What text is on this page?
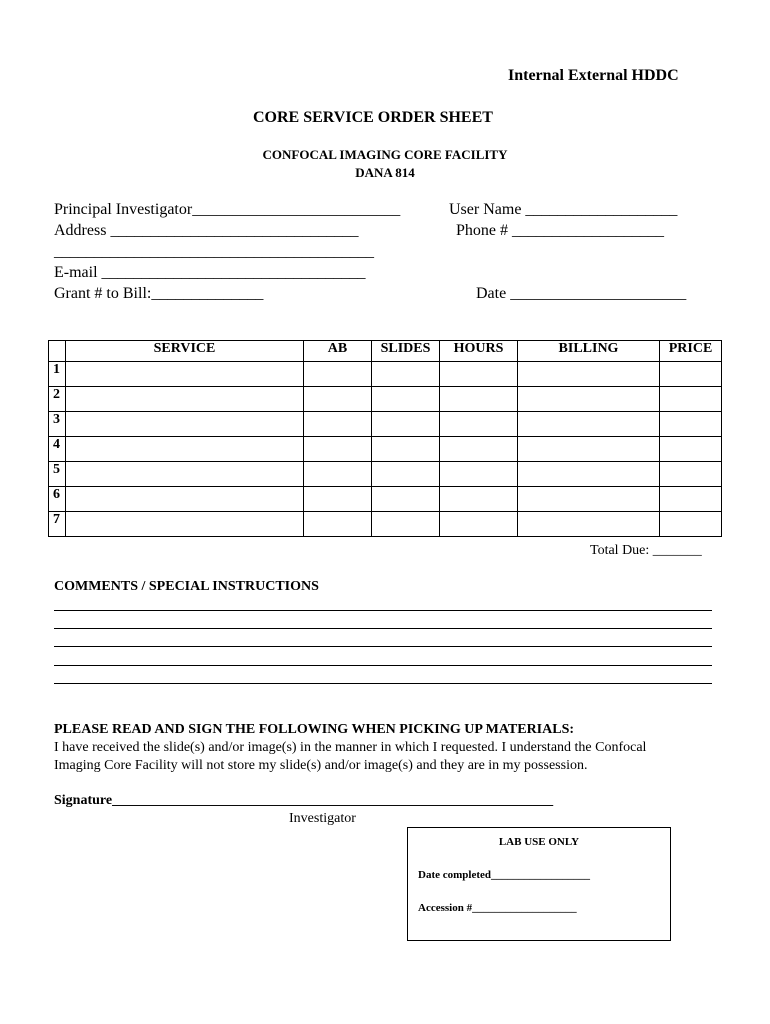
Internal External HDDC
CORE SERVICE ORDER SHEET
CONFOCAL IMAGING CORE FACILITY
DANA 814
Principal Investigator__________________________	User Name ___________________
Address _______________________________	Phone # ___________________
________________________________________
E-mail _________________________________
Grant # to Bill:______________	Date ______________________
	SERVICE	AB	SLIDES	HOURS	BILLING	PRICE
1						
2						
3						
4						
5						
6						
7						
Total Due: _______
COMMENTS / SPECIAL INSTRUCTIONS
PLEASE READ AND SIGN THE FOLLOWING WHEN PICKING UP MATERIALS:
I have received the slide(s) and/or image(s) in the manner in which I requested. I understand the Confocal
Imaging Core Facility will not store my slide(s) and/or image(s) and they are in my possession.
Signature_______________________________________________________________
Investigator
LAB USE ONLY
Date completed__________________
Accession #___________________
